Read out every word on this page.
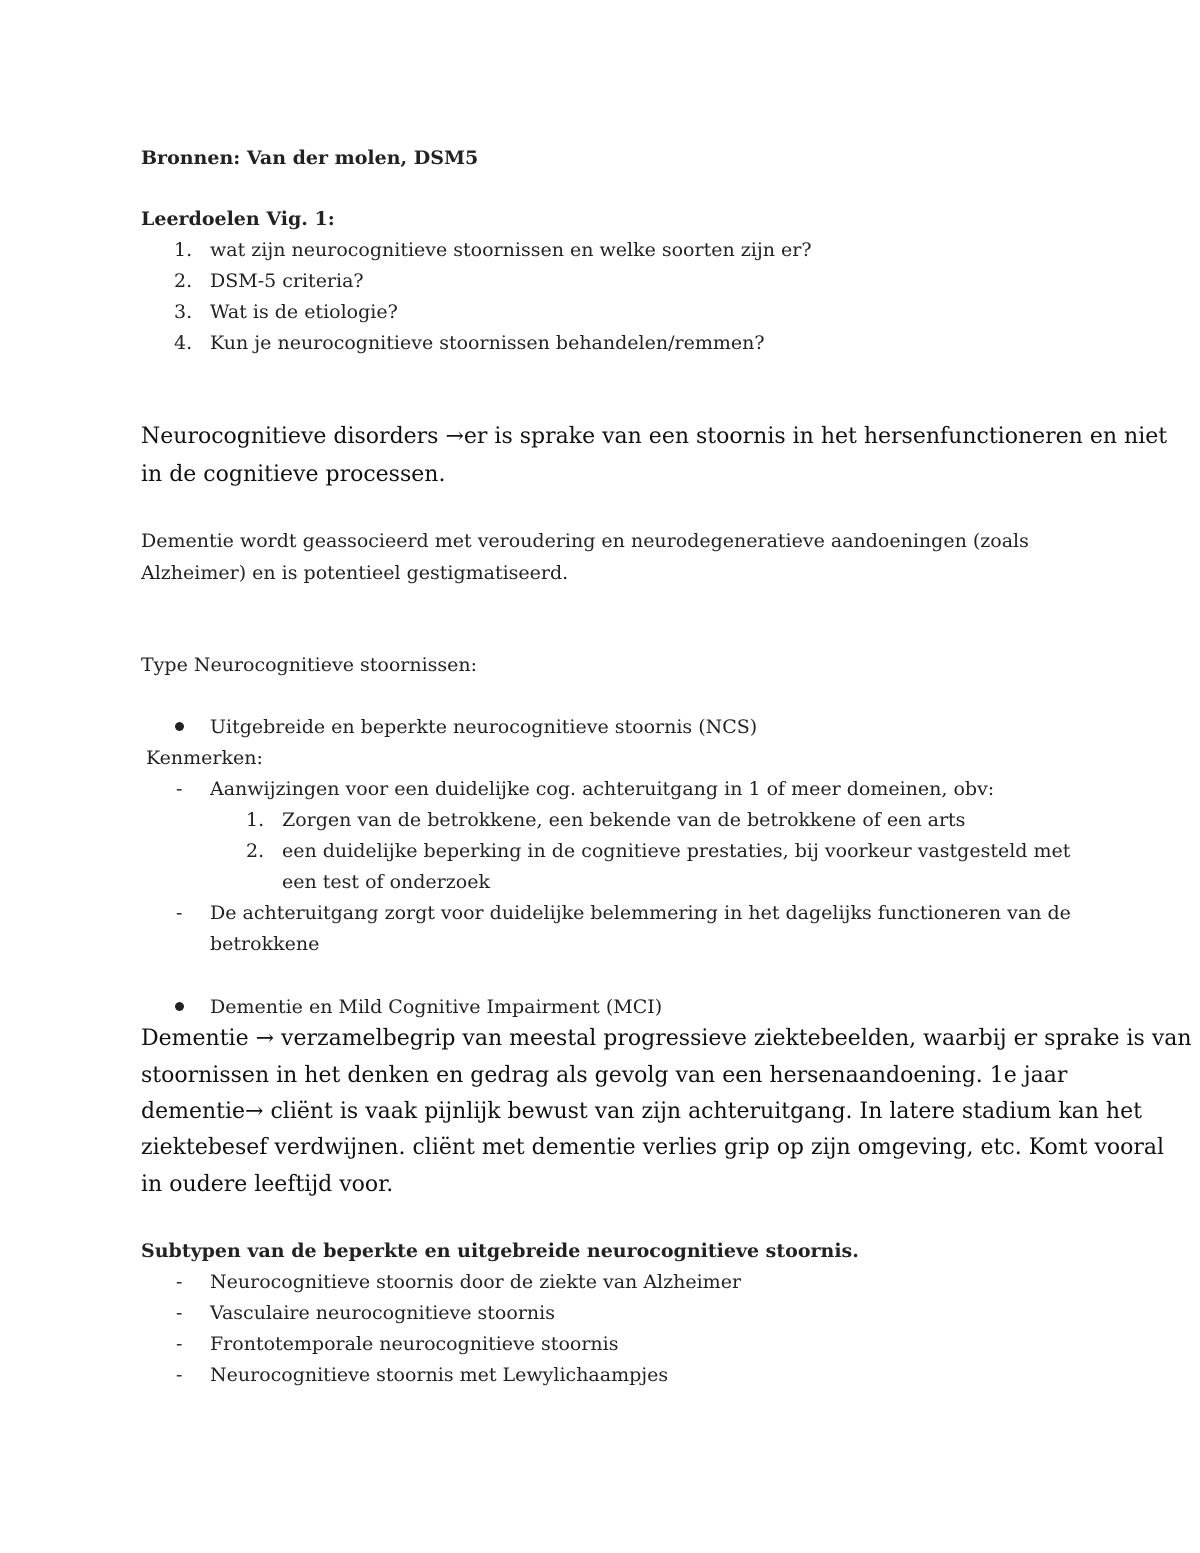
Bronnen: Van der molen, DSM5
Leerdoelen Vig. 1:
1. wat zijn neurocognitieve stoornissen en welke soorten zijn er?
2. DSM-5 criteria?
3. Wat is de etiologie?
4. Kun je neurocognitieve stoornissen behandelen/remmen?
Neurocognitieve disorders →er is sprake van een stoornis in het hersenfunctioneren en niet
in de cognitieve processen.
Dementie wordt geassocieerd met veroudering en neurodegeneratieve aandoeningen (zoals
Alzheimer) en is potentieel gestigmatiseerd.
Type Neurocognitieve stoornissen:
Uitgebreide en beperkte neurocognitieve stoornis (NCS)
Kenmerken:
- Aanwijzingen voor een duidelijke cog. achteruitgang in 1 of meer domeinen, obv:
1. Zorgen van de betrokkene, een bekende van de betrokkene of een arts
2. een duidelijke beperking in de cognitieve prestaties, bij voorkeur vastgesteld met
een test of onderzoek
- De achteruitgang zorgt voor duidelijke belemmering in het dagelijks functioneren van de
betrokkene
Dementie en Mild Cognitive Impairment (MCI)
Dementie → verzamelbegrip van meestal progressieve ziektebeelden, waarbij er sprake is van
stoornissen in het denken en gedrag als gevolg van een hersenaandoening. 1e jaar
dementie→ cliënt is vaak pijnlijk bewust van zijn achteruitgang. In latere stadium kan het
ziektebesef verdwijnen. cliënt met dementie verlies grip op zijn omgeving, etc. Komt vooral
in oudere leeftijd voor.
Subtypen van de beperkte en uitgebreide neurocognitieve stoornis.
- Neurocognitieve stoornis door de ziekte van Alzheimer
- Vasculaire neurocognitieve stoornis
- Frontotemporale neurocognitieve stoornis
- Neurocognitieve stoornis met Lewylichaampjes
